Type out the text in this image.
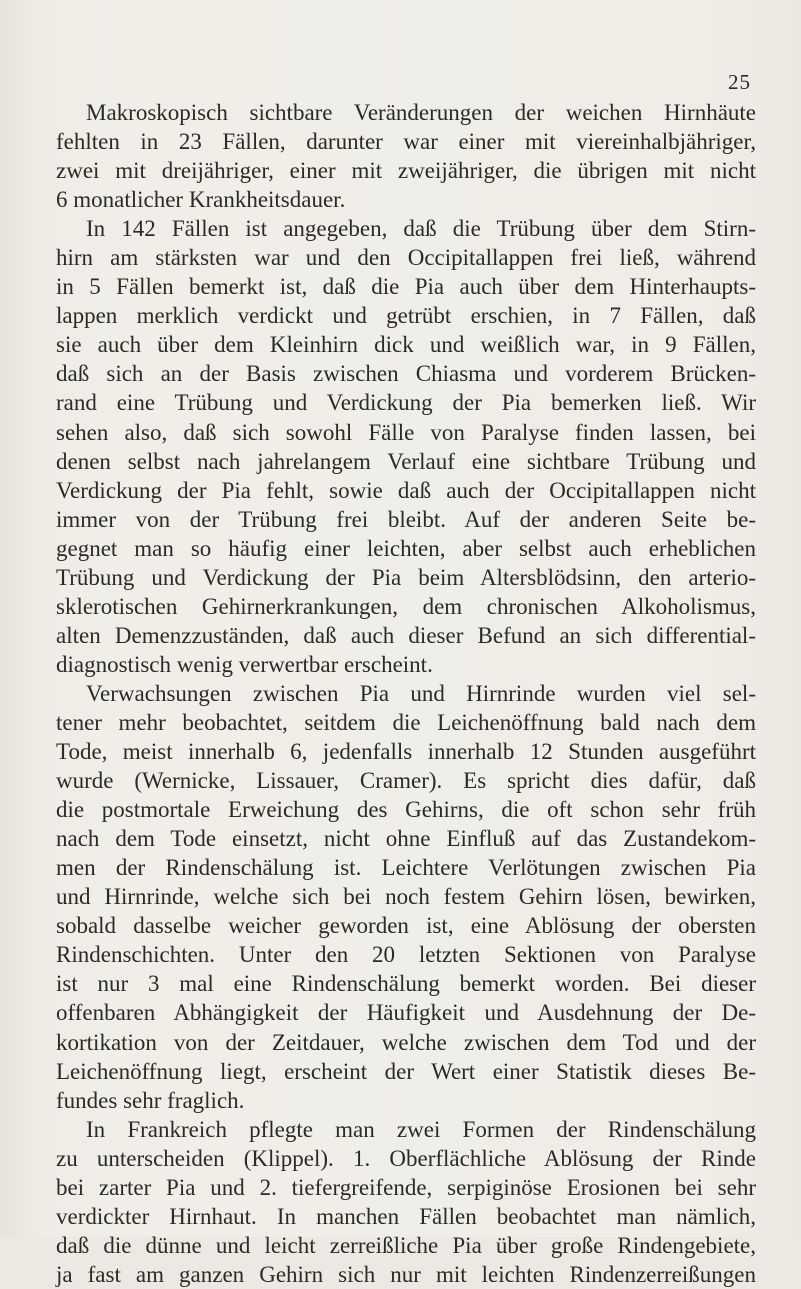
25
Makroskopisch sichtbare Veränderungen der weichen Hirnhäute
fehlten in 23 Fällen, darunter war einer mit viereinhalbjähriger,
zwei mit dreijähriger, einer mit zweijähriger, die übrigen mit nicht
6 monatlicher Krankheitsdauer.
In 142 Fällen ist angegeben, daß die Trübung über dem Stirn-
hirn am stärksten war und den Occipitallappen frei ließ, während
in 5 Fällen bemerkt ist, daß die Pia auch über dem Hinterhaupts-
lappen merklich verdickt und getrübt erschien, in 7 Fällen, daß
sie auch über dem Kleinhirn dick und weißlich war, in 9 Fällen,
daß sich an der Basis zwischen Chiasma und vorderem Brücken-
rand eine Trübung und Verdickung der Pia bemerken ließ. Wir
sehen also, daß sich sowohl Fälle von Paralyse finden lassen, bei
denen selbst nach jahrelangem Verlauf eine sichtbare Trübung und
Verdickung der Pia fehlt, sowie daß auch der Occipitallappen nicht
immer von der Trübung frei bleibt. Auf der anderen Seite be-
gegnet man so häufig einer leichten, aber selbst auch erheblichen
Trübung und Verdickung der Pia beim Altersblödsinn, den arterio-
sklerotischen Gehirnerkrankungen, dem chronischen Alkoholismus,
alten Demenzzuständen, daß auch dieser Befund an sich differential-
diagnostisch wenig verwertbar erscheint.
Verwachsungen zwischen Pia und Hirnrinde wurden viel sel-
tener mehr beobachtet, seitdem die Leichenöffnung bald nach dem
Tode, meist innerhalb 6, jedenfalls innerhalb 12 Stunden ausgeführt
wurde (Wernicke, Lissauer, Cramer). Es spricht dies dafür, daß
die postmortale Erweichung des Gehirns, die oft schon sehr früh
nach dem Tode einsetzt, nicht ohne Einfluß auf das Zustandekom-
men der Rindenschälung ist. Leichtere Verlötungen zwischen Pia
und Hirnrinde, welche sich bei noch festem Gehirn lösen, bewirken,
sobald dasselbe weicher geworden ist, eine Ablösung der obersten
Rindenschichten. Unter den 20 letzten Sektionen von Paralyse
ist nur 3 mal eine Rindenschälung bemerkt worden. Bei dieser
offenbaren Abhängigkeit der Häufigkeit und Ausdehnung der De-
kortikation von der Zeitdauer, welche zwischen dem Tod und der
Leichenöffnung liegt, erscheint der Wert einer Statistik dieses Be-
fundes sehr fraglich.
In Frankreich pflegte man zwei Formen der Rindenschälung
zu unterscheiden (Klippel). 1. Oberflächliche Ablösung der Rinde
bei zarter Pia und 2. tiefergreifende, serpiginöse Erosionen bei sehr
verdickter Hirnhaut. In manchen Fällen beobachtet man nämlich,
daß die dünne und leicht zerreißliche Pia über große Rindengebiete,
ja fast am ganzen Gehirn sich nur mit leichten Rindenzerreißungen
